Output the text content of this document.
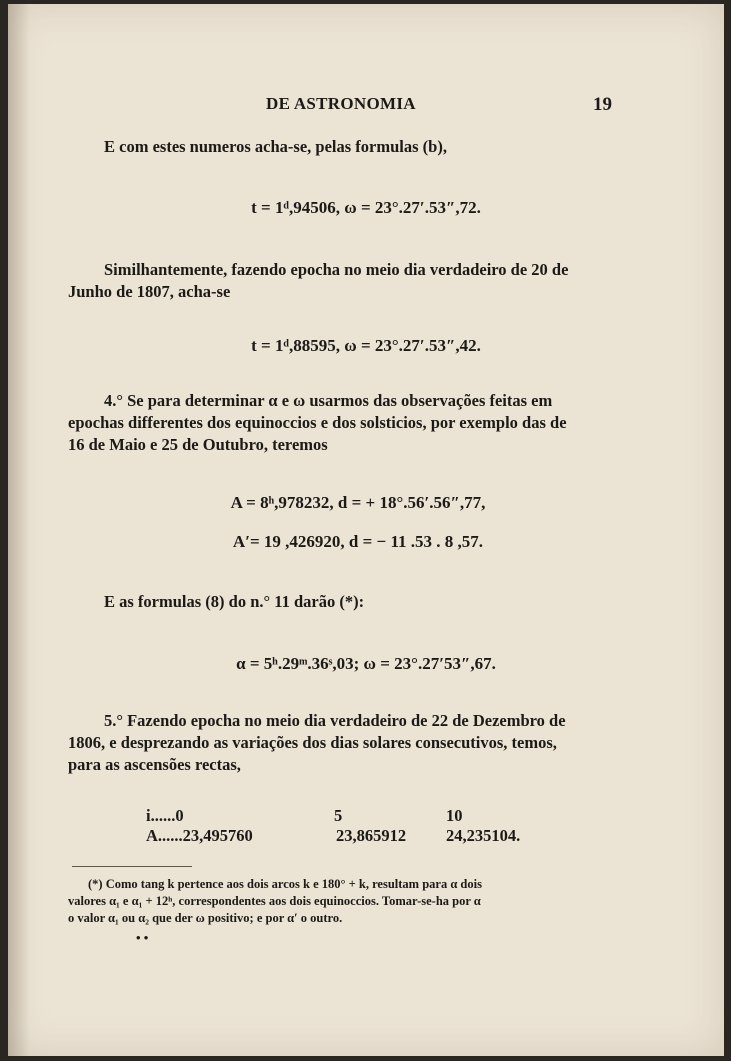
DE ASTRONOMIA	19
E com estes numeros acha-se, pelas formulas (b),
t = 1ᵈ,94506, ω = 23°.27′.53″,72.
Similhantemente, fazendo epocha no meio dia verdadeiro de 20 de
Junho de 1807, acha-se
t = 1ᵈ,88595, ω = 23°.27′.53″,42.
4.° Se para determinar α e ω usarmos das observações feitas em
epochas differentes dos equinoccios e dos solsticios, por exemplo das de
16 de Maio e 25 de Outubro, teremos
A = 8ʰ,978232, d = + 18°.56′.56″,77,
A′= 19 ,426920, d = − 11 .53 . 8 ,57.
E as formulas (8) do n.° 11 darão (*):
α = 5ʰ.29ᵐ.36ˢ,03; ω = 23°.27′53″,67.
5.° Fazendo epocha no meio dia verdadeiro de 22 de Dezembro de
1806, e desprezando as variações dos dias solares consecutivos, temos,
para as ascensões rectas,
i......0	5	10
A......23,495760	23,865912 24,235104.
(*) Como tang k pertence aos dois arcos k e 180° + k, resultam para α dois
valores α₁ e α₁ + 12ʰ, correspondentes aos dois equinoccios. Tomar-se-ha por α
o valor α₁ ou α₂ que der ω positivo; e por α′ o outro.
• •
